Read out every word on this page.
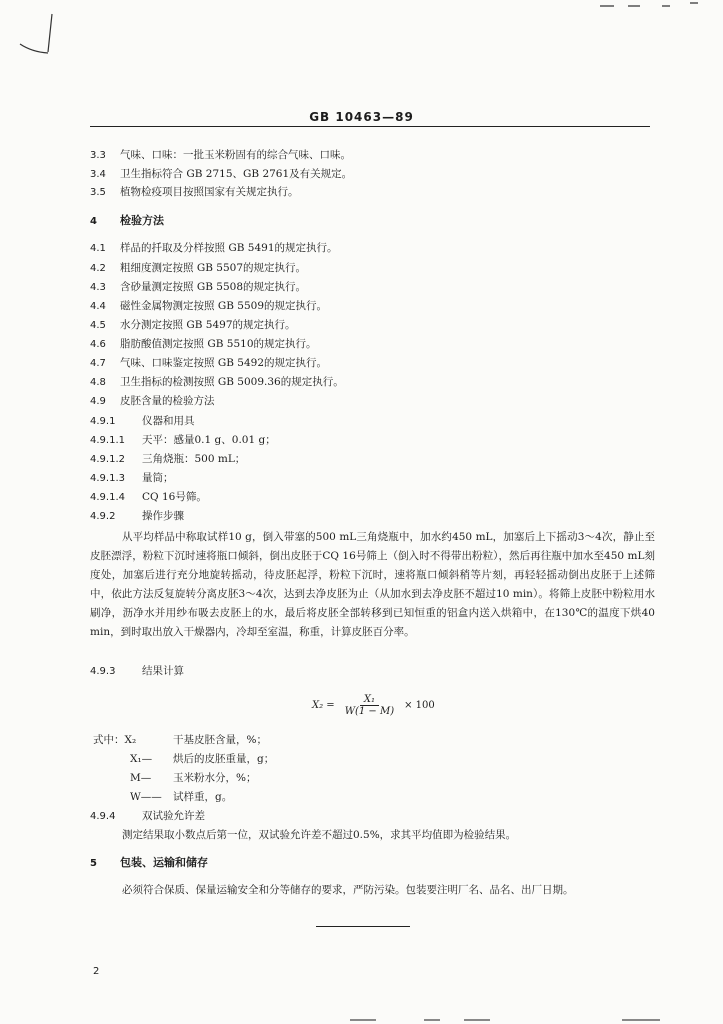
GB 10463—89
3.3 气味、口味：一批玉米粉固有的综合气味、口味。
3.4 卫生指标符合 GB 2715、GB 2761及有关规定。
3.5 植物检疫项目按照国家有关规定执行。
4 检验方法
4.1 样品的扦取及分样按照 GB 5491的规定执行。
4.2 粗细度测定按照 GB 5507的规定执行。
4.3 含砂量测定按照 GB 5508的规定执行。
4.4 磁性金属物测定按照 GB 5509的规定执行。
4.5 水分测定按照 GB 5497的规定执行。
4.6 脂肪酸值测定按照 GB 5510的规定执行。
4.7 气味、口味鉴定按照 GB 5492的规定执行。
4.8 卫生指标的检测按照 GB 5009.36的规定执行。
4.9 皮胚含量的检验方法
4.9.1	仪器和用具
4.9.1.1 天平：感量0.1 g、0.01 g；
4.9.1.2 三角烧瓶：500 mL；
4.9.1.3 量筒；
4.9.1.4 CQ 16号筛。
4.9.2	操作步骤
从平均样品中称取试样10 g，倒入带塞的500 mL三角烧瓶中，加水约450 mL，加塞后上下摇动3～4次，静止至皮胚漂浮，粉粒下沉时速将瓶口倾斜，倒出皮胚于CQ 16号筛上（倒入时不得带出粉粒），然后再往瓶中加水至450 mL刻度处，加塞后进行充分地旋转摇动，待皮胚起浮，粉粒下沉时，速将瓶口倾斜稍等片刻，再轻轻摇动倒出皮胚于上述筛中，依此方法反复旋转分离皮胚3～4次，达到去净皮胚为止（从加水到去净皮胚不超过10 min）。将筛上皮胚中粉粒用水刷净，沥净水并用纱布吸去皮胚上的水，最后将皮胚全部转移到已知恒重的铝盒内送入烘箱中，在130℃的温度下烘40 min，到时取出放入干燥器内，冷却至室温，称重，计算皮胚百分率。
4.9.3	结果计算
$X_2 = \frac{\text{X₁}}{W(1 - M)} \times 100$
式中：X₂	干基皮胚含量，%；
X₁— 烘后的皮胚重量，g；
M— 玉米粉水分，%；
W—— 试样重，g。
4.9.4	双试验允许差
测定结果取小数点后第一位，双试验允许差不超过0.5%，求其平均值即为检验结果。
5 包装、运输和储存
必须符合保质、保量运输安全和分等储存的要求，严防污染。包装要注明厂名、品名、出厂日期。
2
